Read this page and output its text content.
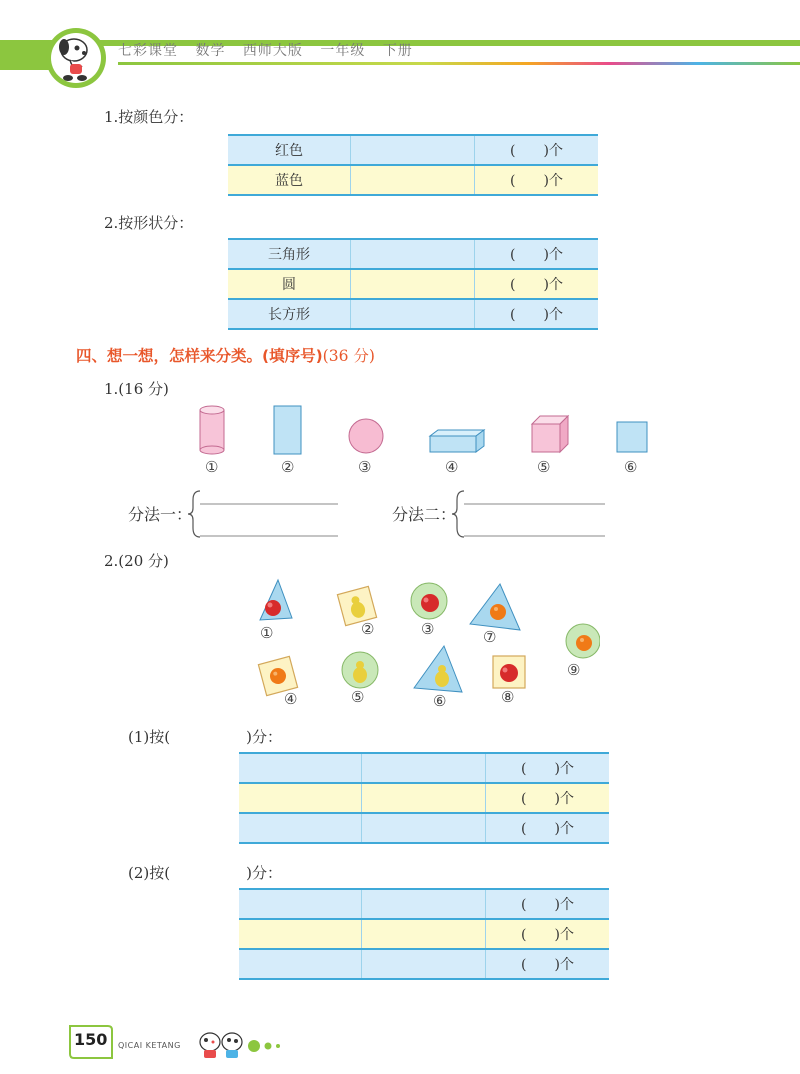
七彩课堂 数学 西师大版 一年级 下册
1.按颜色分：
红色		(　　)个
蓝色		(　　)个
2.按形状分：
三角形		(　　)个
圆		(　　)个
长方形		(　　)个
四、想一想，怎样来分类。(填序号)(36 分)
1.(16 分)
①	②	③	④	⑤	⑥
分法一：	分法二：
2.(20 分)
①	②	③	⑦
⑨
④	⑤	⑥	⑧
(1)按(	)分：
		(　　)个
		(　　)个
		(　　)个
(2)按(	)分：
		(　　)个
		(　　)个
		(　　)个
150 QICAI KETANG
